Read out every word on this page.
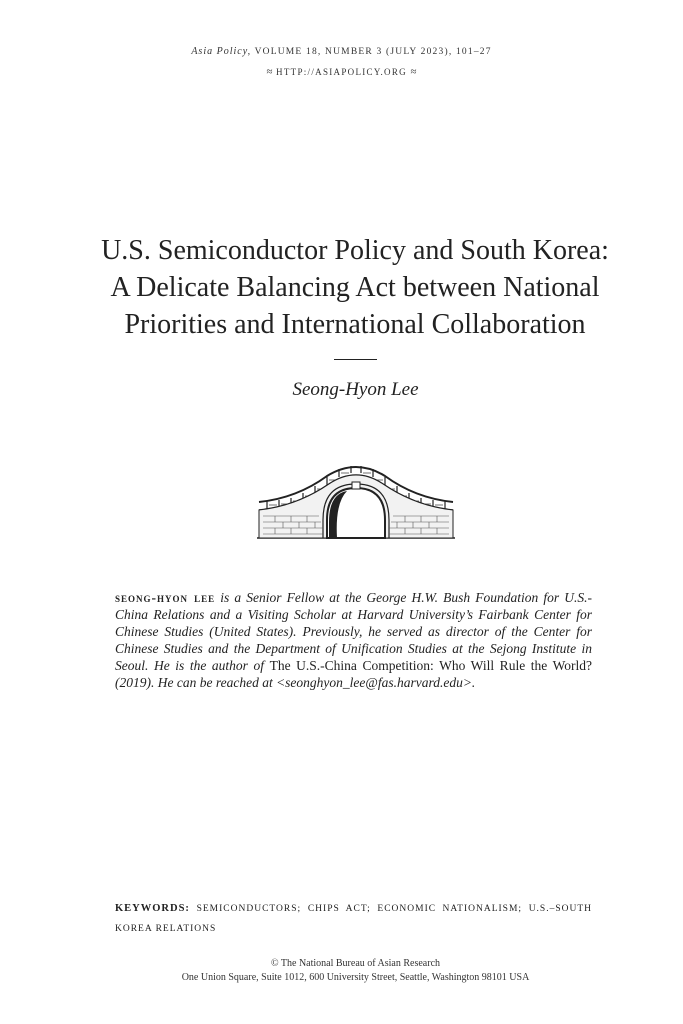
Asia Policy, VOLUME 18, NUMBER 3 (JULY 2023), 101–27
≈ HTTP://ASIAPOLICY.ORG ≈
U.S. Semiconductor Policy and South Korea: A Delicate Balancing Act between National Priorities and International Collaboration
Seong-Hyon Lee

seong-hyon lee is a Senior Fellow at the George H.W. Bush Foundation for U.S.-China Relations and a Visiting Scholar at Harvard University’s Fairbank Center for Chinese Studies (United States). Previously, he served as director of the Center for Chinese Studies and the Department of Unification Studies at the Sejong Institute in Seoul. He is the author of The U.S.-China Competition: Who Will Rule the World? (2019). He can be reached at <seonghyon_lee@fas.harvard.edu>.

KEYWORDS: SEMICONDUCTORS; CHIPS ACT; ECONOMIC NATIONALISM; U.S.–SOUTH KOREA RELATIONS
© The National Bureau of Asian Research
One Union Square, Suite 1012, 600 University Street, Seattle, Washington 98101 USA
